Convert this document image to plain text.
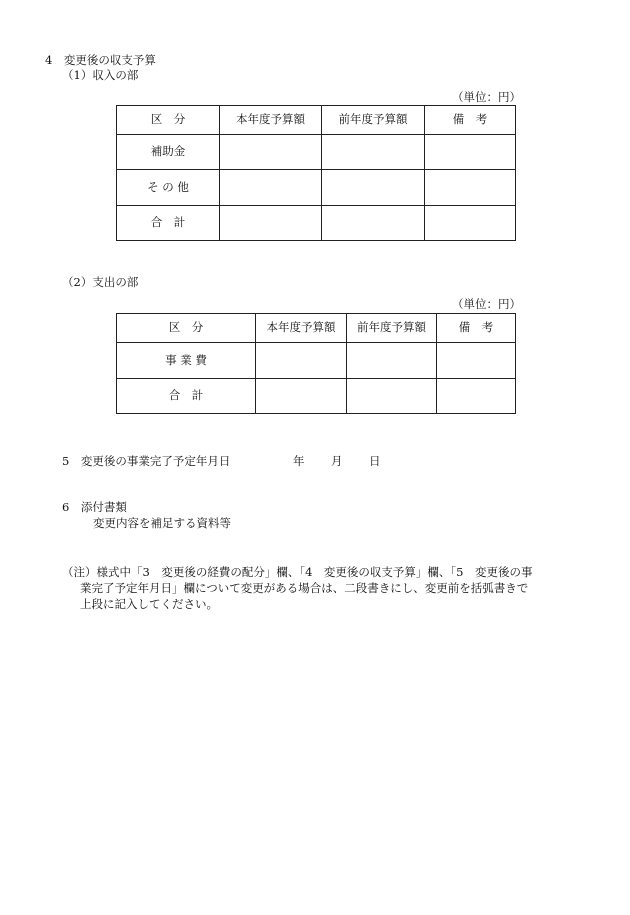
4　変更後の収支予算
（1）収入の部
（単位：円）
区　分	本年度予算額	前年度予算額	備　考
補助金			
そ の 他			
合　計			
（2）支出の部
（単位：円）
区　分	本年度予算額	前年度予算額	備　考
事 業 費			
合　計			
5　変更後の事業完了予定年月日	年 月 日
6　添付書類
変更内容を補足する資料等
（注）様式中「3　変更後の経費の配分」欄、「4　変更後の収支予算」欄、「5　変更後の事
業完了予定年月日」欄について変更がある場合は、二段書きにし、変更前を括弧書きで
上段に記入してください。
